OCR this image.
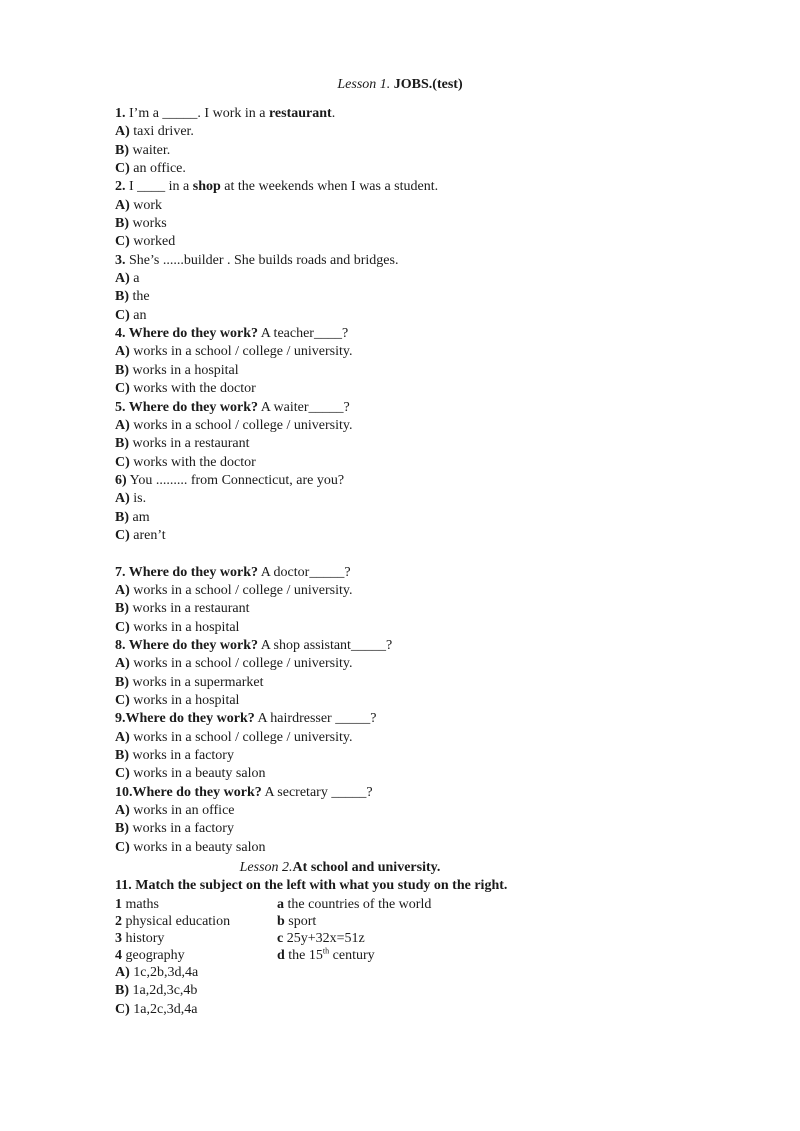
Lesson 1. JOBS.(test)
1. I’m a _____. I work in a restaurant.
A) taxi driver.
B) waiter.
C) an office.
2. I ____ in a shop at the weekends when I was a student.
A) work
B) works
C) worked
3. She’s ......builder . She builds roads and bridges.
A) a
B) the
C) an
4. Where do they work? A teacher____?
A) works in a school / college / university.
B) works in a hospital
C) works with the doctor
5. Where do they work? A waiter_____?
A) works in a school / college / university.
B) works in a restaurant
C) works with the doctor
6) You ......... from Connecticut, are you?
A) is.
B) am
C) aren’t
7. Where do they work? A doctor_____?
A) works in a school / college / university.
B) works in a restaurant
C) works in a hospital
8. Where do they work? A shop assistant_____?
A) works in a school / college / university.
B) works in a supermarket
C) works in a hospital
9.Where do they work? A hairdresser _____?
A) works in a school / college / university.
B) works in a factory
C) works in a beauty salon
10.Where do they work? A secretary _____?
A) works in an office
B) works in a factory
C) works in a beauty salon
Lesson 2.At school and university.
11. Match the subject on the left with what you study on the right.
1 maths	a the countries of the world
2 physical education	b sport
3 history	c 25y+32x=51z
4 geography	d the 15th century
A) 1c,2b,3d,4a
B) 1a,2d,3c,4b
C) 1a,2c,3d,4a
